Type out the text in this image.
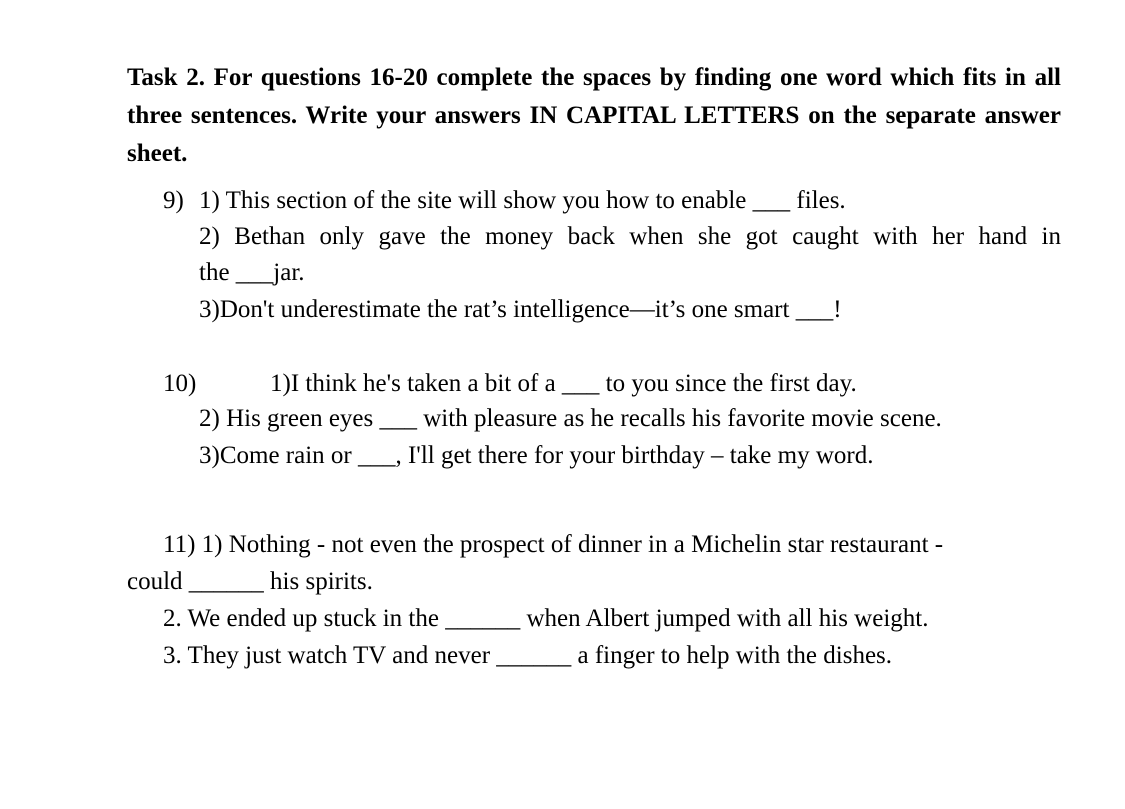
Task 2. For questions 16-20 complete the spaces by finding one word which fits in all three sentences. Write your answers IN CAPITAL LETTERS on the separate answer sheet.

9) 1) This section of the site will show you how to enable ___ files.

2) Bethan only gave the money back when she got caught with her hand in

the ___jar.

3)Don't underestimate the rat’s intelligence—it’s one smart ___!

10)	1)I think he's taken a bit of a ___ to you since the first day.

2) His green eyes ___ with pleasure as he recalls his favorite movie scene.

3)Come rain or ___, I'll get there for your birthday – take my word.

11) 1) Nothing - not even the prospect of dinner in a Michelin star restaurant -

could ______ his spirits.

2. We ended up stuck in the ______ when Albert jumped with all his weight.

3. They just watch TV and never ______ a finger to help with the dishes.
